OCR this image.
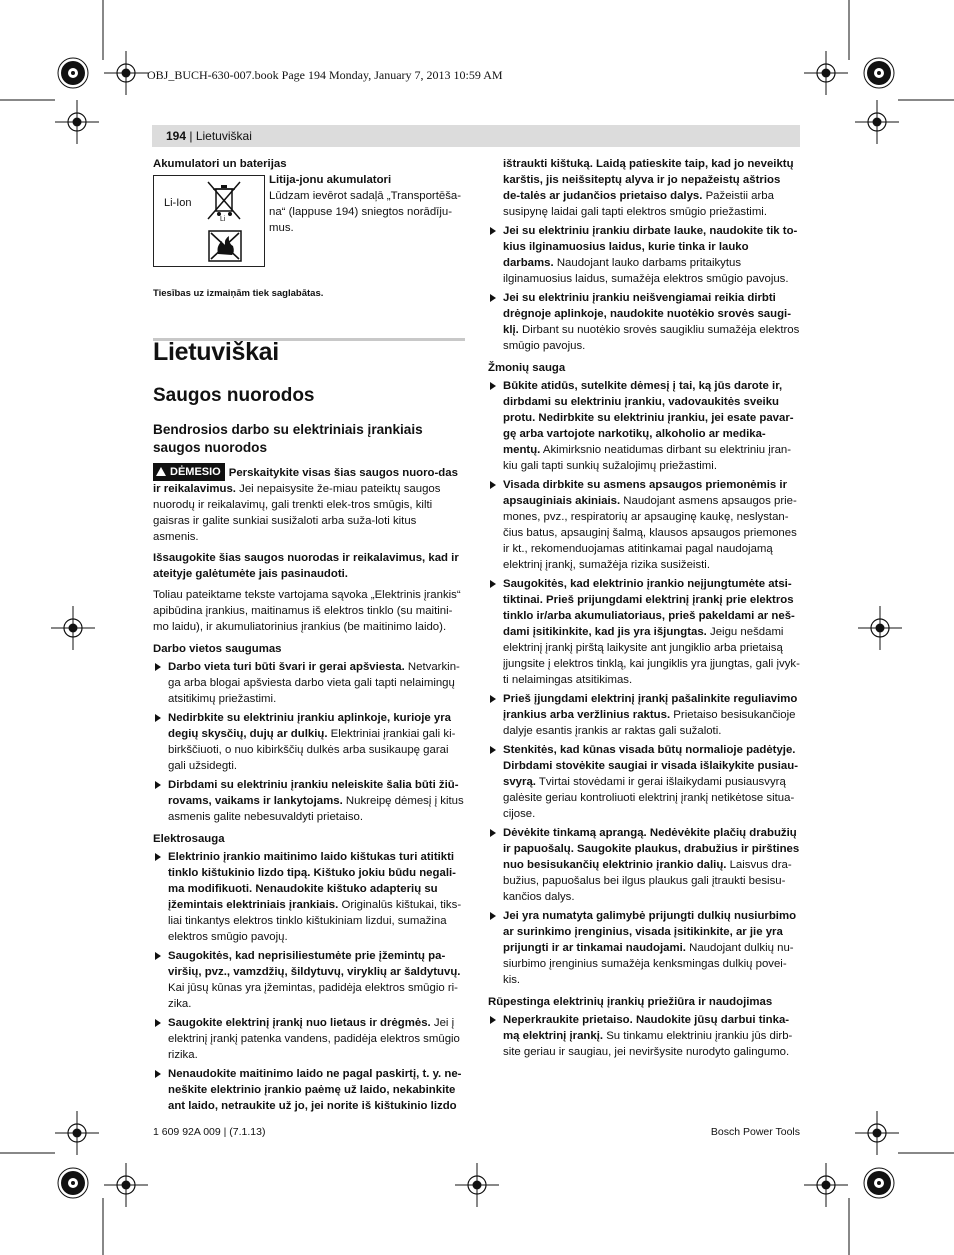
OBJ_BUCH-630-007.book Page 194 Monday, January 7, 2013 10:59 AM
194 | Lietuviškai

Akumulatori un baterijas

Li-Ion
Li

Litija-jonu akumulatori

Lūdzam ievērot sadaļā „Transportēša-na“ (lappuse 194) sniegtos norādīju-mus.

Tiesības uz izmaiņām tiek saglabātas.
Lietuviškai
Saugos nuorodos
Bendrosios darbo su elektriniais įrankiais saugos nuorodos

DĖMESIO Perskaitykite visas šias saugos nuoro-das ir reikalavimus. Jei nepaisysite že-miau pateiktų saugos nuorodų ir reikalavimų, gali trenkti elek-tros smūgis, kilti gaisras ir galite sunkiai susižaloti arba suža-loti kitus asmenis.

Išsaugokite šias saugos nuorodas ir reikalavimus, kad ir ateityje galėtumėte jais pasinaudoti.

Toliau pateiktame tekste vartojama sąvoka „Elektrinis įrankis“ apibūdina įrankius, maitinamus iš elektros tinklo (su maitini-mo laidu), ir akumuliatorinius įrankius (be maitinimo laido).

Darbo vietos saugumas

Darbo vieta turi būti švari ir gerai apšviesta. Netvarkin-ga arba blogai apšviesta darbo vieta gali tapti nelaimingų atsitikimų priežastimi.

Nedirbkite su elektriniu įrankiu aplinkoje, kurioje yra degių skysčių, dujų ar dulkių. Elektriniai įrankiai gali ki-birkščiuoti, o nuo kibirkščių dulkės arba susikaupę garai gali užsidegti.

Dirbdami su elektriniu įrankiu neleiskite šalia būti žiū-rovams, vaikams ir lankytojams. Nukreipę dėmesį į kitus asmenis galite nebesuvaldyti prietaiso.

Elektrosauga

Elektrinio įrankio maitinimo laido kištukas turi atitikti tinklo kištukinio lizdo tipą. Kištuko jokiu būdu negali-ma modifikuoti. Nenaudokite kištuko adapterių su įžemintais elektriniais įrankiais. Originalūs kištukai, tiks-liai tinkantys elektros tinklo kištukiniam lizdui, sumažina elektros smūgio pavojų.

Saugokitės, kad neprisiliestumėte prie įžemintų pa-viršių, pvz., vamzdžių, šildytuvų, viryklių ar šaldytuvų. Kai jūsų kūnas yra įžemintas, padidėja elektros smūgio ri-zika.

Saugokite elektrinį įrankį nuo lietaus ir drėgmės. Jei į elektrinį įrankį patenka vandens, padidėja elektros smūgio rizika.

Nenaudokite maitinimo laido ne pagal paskirtį, t. y. ne-neškite elektrinio įrankio paėmę už laido, nekabinkite ant laido, netraukite už jo, jei norite iš kištukinio lizdo

ištraukti kištuką. Laidą patieskite taip, kad jo neveiktų karštis, jis neišsiteptų alyva ir jo nepažeistų aštrios de-talės ar judančios prietaiso dalys. Pažeistii arba susipynę laidai gali tapti elektros smūgio priežastimi.

Jei su elektriniu įrankiu dirbate lauke, naudokite tik to-kius ilginamuosius laidus, kurie tinka ir lauko darbams. Naudojant lauko darbams pritaikytus ilginamuosius laidus, sumažėja elektros smūgio pavojus.

Jei su elektriniu įrankiu neišvengiamai reikia dirbti drėgnoje aplinkoje, naudokite nuotėkio srovės saugi-klį. Dirbant su nuotėkio srovės saugikliu sumažėja elektros smūgio pavojus.

Žmonių sauga

Būkite atidūs, sutelkite dėmesį į tai, ką jūs darote ir, dirbdami su elektriniu įrankiu, vadovaukitės sveiku protu. Nedirbkite su elektriniu įrankiu, jei esate pavar-gę arba vartojote narkotikų, alkoholio ar medika-mentų. Akimirksnio neatidumas dirbant su elektriniu įran-kiu gali tapti sunkių sužalojimų priežastimi.

Visada dirbkite su asmens apsaugos priemonėmis ir apsauginiais akiniais. Naudojant asmens apsaugos prie-mones, pvz., respiratorių ar apsauginę kaukę, neslystan-čius batus, apsauginį šalmą, klausos apsaugos priemones ir kt., rekomenduojamas atitinkamai pagal naudojamą elektrinį įrankį, sumažėja rizika susižeisti.

Saugokitės, kad elektrinio įrankio neįjungtumėte atsi-tiktinai. Prieš prijungdami elektrinį įrankį prie elektros tinklo ir/arba akumuliatoriaus, prieš pakeldami ar neš-dami įsitikinkite, kad jis yra išjungtas. Jeigu nešdami elektrinį įrankį pirštą laikysite ant jungiklio arba prietaisą įjungsite į elektros tinklą, kai jungiklis yra įjungtas, gali įvyk-ti nelaimingas atsitikimas.

Prieš įjungdami elektrinį įrankį pašalinkite reguliavimo įrankius arba veržlinius raktus. Prietaiso besisukančioje dalyje esantis įrankis ar raktas gali sužaloti.

Stenkitės, kad kūnas visada būtų normalioje padėtyje. Dirbdami stovėkite saugiai ir visada išlaikykite pusiau-svyrą. Tvirtai stovėdami ir gerai išlaikydami pusiausvyrą galėsite geriau kontroliuoti elektrinį įrankį netikėtose situa-cijose.

Dėvėkite tinkamą aprangą. Nedėvėkite plačių drabužių ir papuošalų. Saugokite plaukus, drabužius ir pirštines nuo besisukančių elektrinio įrankio dalių. Laisvus dra-bužius, papuošalus bei ilgus plaukus gali įtraukti besisu-kančios dalys.

Jei yra numatyta galimybė prijungti dulkių nusiurbimo ar surinkimo įrenginius, visada įsitikinkite, ar jie yra prijungti ir ar tinkamai naudojami. Naudojant dulkių nu-siurbimo įrenginius sumažėja kenksmingas dulkių povei-kis.

Rūpestinga elektrinių įrankių priežiūra ir naudojimas

Neperkraukite prietaiso. Naudokite jūsų darbui tinka-mą elektrinį įrankį. Su tinkamu elektriniu įrankiu jūs dirb-site geriau ir saugiau, jei neviršysite nurodyto galingumo.

1 609 92A 009 | (7.1.13)	Bosch Power Tools
